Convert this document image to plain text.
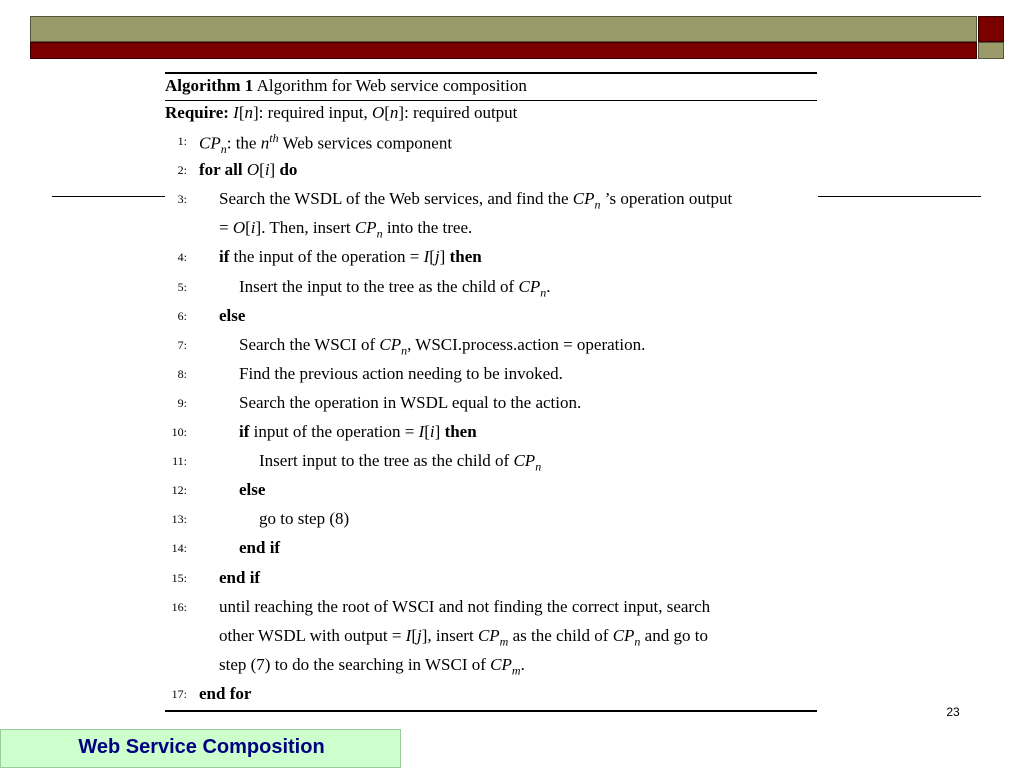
Algorithm 1 Algorithm for Web service composition
Require: I[n]: required input, O[n]: required output
1: $CP_n$: the $n^{th}$ Web services component
2: for all O[i] do
3: Search the WSDL of the Web services, and find the $CP_n$ ’s operation output
= O[i]. Then, insert $CP_n$ into the tree.
4: if the input of the operation = I[j] then
5:	Insert the input to the tree as the child of $CP_n$.
6: else
7:	Search the WSCI of $CP_n$, WSCI.process.action = operation.
8:	Find the previous action needing to be invoked.
9:	Search the operation in WSDL equal to the action.
10:	if input of the operation = I[i] then
11:	Insert input to the tree as the child of $CP_n$
12:	else
13:	go to step (8)
14:	end if
15: end if
16: until reaching the root of WSCI and not finding the correct input, search
other WSDL with output = I[j], insert $CP_m$ as the child of $CP_n$ and go to
step (7) to do the searching in WSCI of $CP_m$.
17: end for
23
Web Service Composition
